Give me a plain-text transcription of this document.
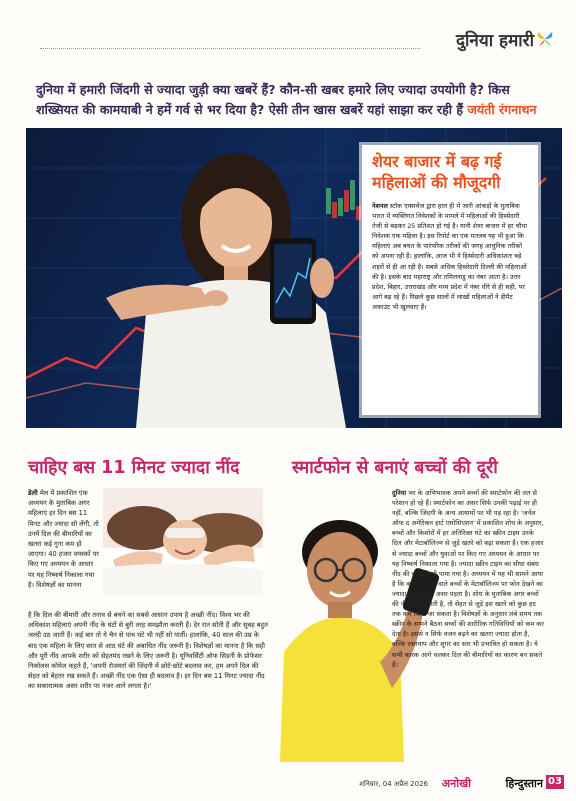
दुनिया हमारी

दुनिया में हमारी जिंदगी से ज्यादा जुड़ी क्या खबरें हैं? कौन-सी खबर हमारे लिए ज्यादा उपयोगी है? किस शख्सियत की कामयाबी ने हमें गर्व से भर दिया है? ऐसी तीन खास खबरें यहां साझा कर रही हैं जयंती रंगनाथन

शेयर बाजार में बढ़ गई महिलाओं की मौजूदगी

नेशनल स्टॉक एक्सचेंज द्वारा हाल ही में जारी आंकड़ों के मुताबिक भारत में व्यक्तिगत निवेशकों के मामले में महिलाओं की हिस्सेदारी तेजी से बढ़कर 25 प्रतिशत हो गई है। यानी शेयर बाजार में हर चौथा निवेशक एक महिला है। इस रिपोर्ट का एक मतलब यह भी हुआ कि महिलाएं अब बचत के पारंपरिक तरीकों की जगह आधुनिक तरीकों को अपना रही हैं। हालांकि, आज भी ये हिस्सेदारी अधिकांशतः बड़े शहरों से ही आ रही है। सबसे अधिक हिस्सेदारी दिल्ली की महिलाओं की है। इसके बाद महाराष्ट्र और तमिलनाडु का नंबर आता है। उत्तर प्रदेश, बिहार, उत्तराखंड और मध्य प्रदेश में नंबर धीरे से ही सही, पर आगे बढ़ रहे हैं। पिछले कुछ सालों में लाखों महिलाओं ने डीमैट अकाउंट भी खुलवाए हैं।

चाहिए बस 11 मिनट ज्यादा नींद	स्मार्टफोन से बनाएं बच्चों की दूरी

डेली मेल में प्रकाशित एक अध्ययन के मुताबिक अगर महिलाएं हर दिन बस 11 मिनट और ज्यादा सो लेंगी, तो उनमें दिल की बीमारियों का खतरा कई गुना कम हो जाएगा। 40 हजार वयस्कों पर किए गए अध्ययन के आधार पर यह निष्कर्ष निकाला गया है। विशेषज्ञों का मानना

है कि दिल की बीमारी और तनाव से बचने का सबसे आसान उपाय है अच्छी नींद। विश्व भर की अधिकांश महिलाएं अपनी नींद के घंटों से बुरी तरह समझौता करती हैं। देर रात सोती हैं और सुबह बहुत जल्दी उठ जाती हैं। कई बार तो ये चैन से पांच घंटे भी नहीं सो पातीं। हालांकि, 40 साल की उम्र के बाद एक महिला के लिए सात से आठ घंटे की अबाधित नींद जरूरी है। विशेषज्ञों का मानना है कि सही और पूरी नींद आपके शरीर को सेहतमंद रखने के लिए जरूरी है। यूनिवर्सिटी ऑफ सिडनी के प्रोफेसर निकोलस कोमेल कहते हैं, 'अपनी रोजमर्रा की जिंदगी में छोटे-छोटे बदलाव कर, हम अपने दिल की सेहत को बेहतर रख सकते हैं। अच्छी नींद एक ऐसा ही बदलाव है। हर दिन बस 11 मिनट ज्यादा नींद का सकारात्मक असर शरीर पर नजर आने लगता है।'

दुनिया भर के अभिभावक अपने बच्चों की स्मार्टफोन की लत से परेशान हो रहे हैं। स्मार्टफोन का असर सिर्फ उनकी पढ़ाई पर ही नहीं, बल्कि जिंदगी के अन्य आयामों पर भी पड़ रहा है। 'जर्नल ऑफ द अमेरिकन हार्ट एसोसिएशन' में प्रकाशित शोध के अनुसार, बच्चों और किशोरों में हर अतिरिक्त घंटे का स्क्रीन टाइम उनके दिल और मेटाबॉलिज्म से जुड़े खतरे को बढ़ा सकता है। एक हजार से ज्यादा बच्चों और युवाओं पर किए गए अध्ययन के आधार पर यह निष्कर्ष निकाला गया है। ज्यादा स्क्रीन टाइम का सीधा संबंध नींद की कमी से भी पाया गया है। अध्ययन में यह भी सामने आया है कि कम नींद लेने वाले बच्चों के मेटाबॉलिज्म पर फोन देखने का ज्यादा नकारात्मक असर पड़ता है। शोध के मुताबिक अगर बच्चों की नींद बेहतर होती है, तो सेहत से जुड़े इस खतरे को कुछ हद तक कम किया जा सकता है। विशेषज्ञों के अनुसार लंबे समय तक स्क्रीन के सामने बैठना बच्चों की शारीरिक गतिविधियों को कम कर देता है। इससे न सिर्फ वजन बढ़ने का खतरा ज्यादा होता है, बल्कि रक्तचाप और शुगर का स्तर भी प्रभावित हो सकता है। ये सभी कारक आगे चलकर दिल की बीमारियों का कारण बन सकते हैं।

शनिवार, 04 अप्रैल 2026 अनोखी	हिन्दुस्तान 03
